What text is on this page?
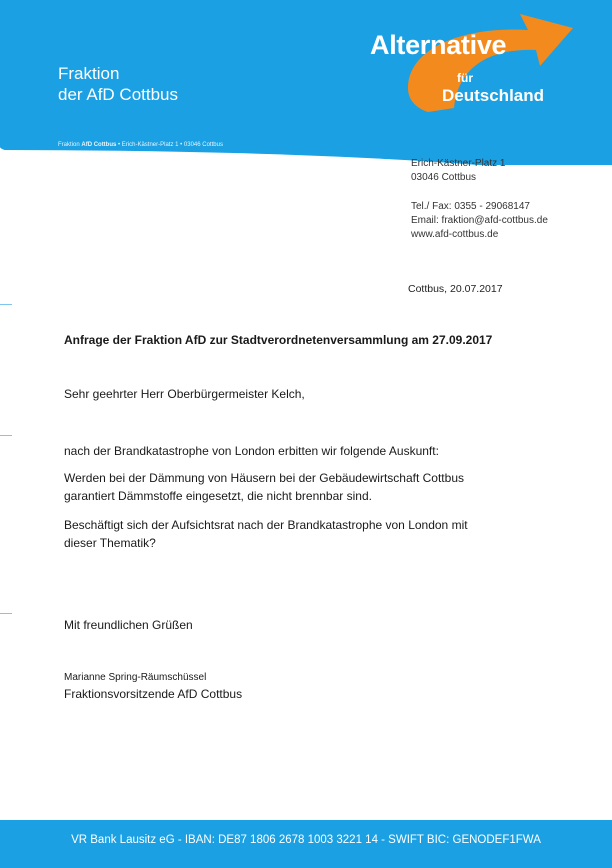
Fraktion
der AfD Cottbus
Fraktion AfD Cottbus • Erich-Kästner-Platz 1 • 03046 Cottbus
Alternative
für
Deutschland
Erich-Kästner-Platz 1
03046 Cottbus
Tel./ Fax: 0355 - 29068147
Email: fraktion@afd-cottbus.de
www.afd-cottbus.de
Cottbus, 20.07.2017
Anfrage der Fraktion AfD zur Stadtverordnetenversammlung am 27.09.2017
Sehr geehrter Herr Oberbürgermeister Kelch,
nach der Brandkatastrophe von London erbitten wir folgende Auskunft:
Werden bei der Dämmung von Häusern bei der Gebäudewirtschaft Cottbus
garantiert Dämmstoffe eingesetzt, die nicht brennbar sind.
Beschäftigt sich der Aufsichtsrat nach der Brandkatastrophe von London mit
dieser Thematik?
Mit freundlichen Grüßen
Marianne Spring-Räumschüssel
Fraktionsvorsitzende AfD Cottbus
VR Bank Lausitz eG - IBAN: DE87 1806 2678 1003 3221 14 - SWIFT BIC: GENODEF1FWA
